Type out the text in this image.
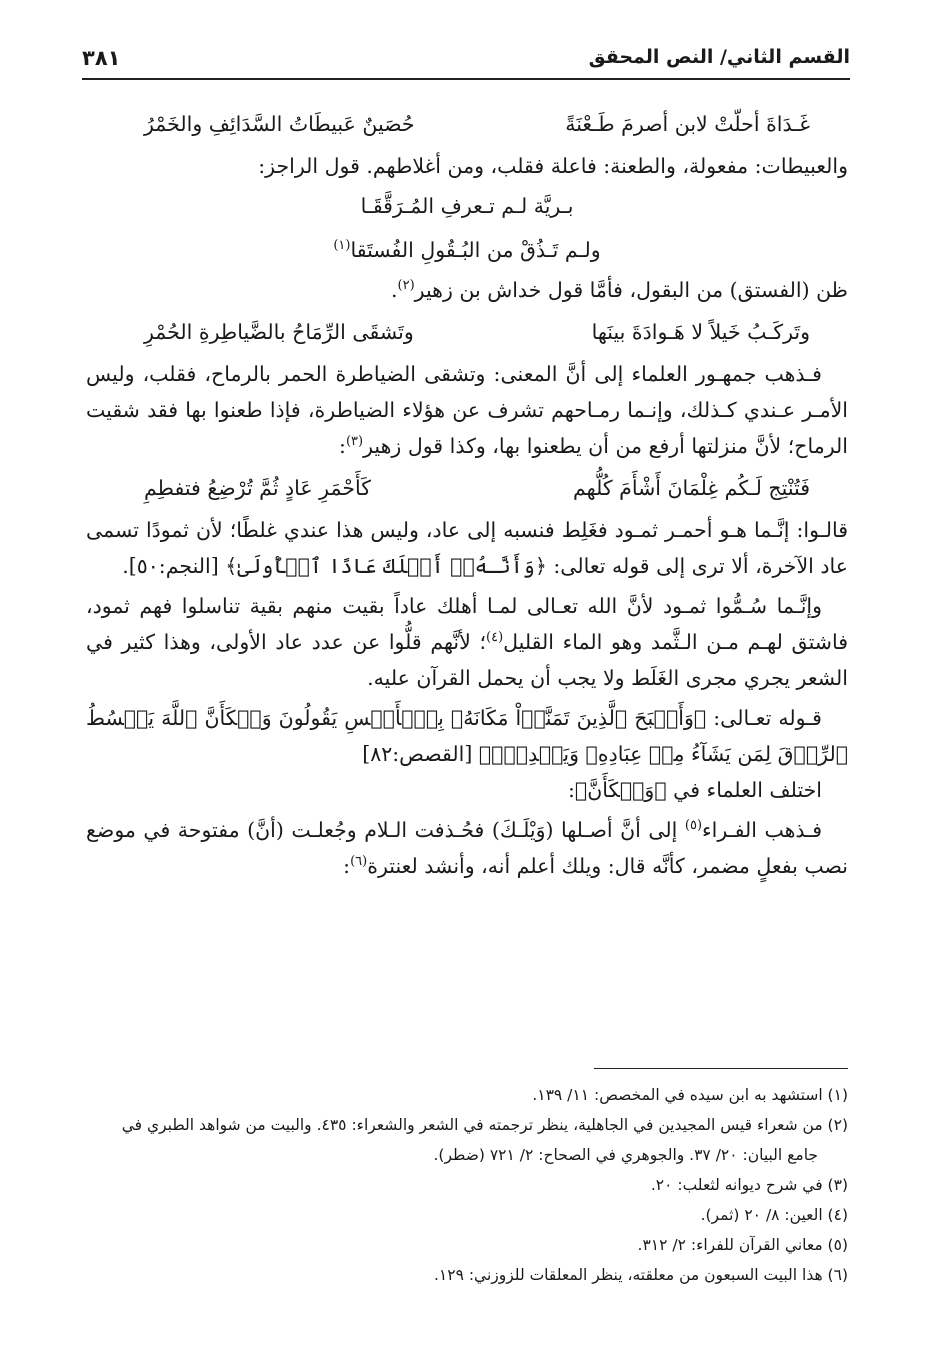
القسم الثاني/ النص المحقق
٣٨١
غَـدَاةَ أحلّتْ لابن أصرمَ طَـعْنَةً
حُصَينٌ عَبيطَاتُ السَّدَائِفِ والخَمْرُ

والعبيطات: مفعولة، والطعنة: فاعلة فقلب، ومن أغلاطهم. قول الراجز:

بـريَّة لـم تـعرفِ المُـرَقَّقَـا

ولـم تَـذُقْ من البُـقُولِ الفُستَقا$^{(١)}$

ظن (الفستق) من البقول، فأمَّا قول خداش بن زهير$^{(٢)}$.

وتَركَـبُ خَيلاً لا هَـوادَةَ بينَها
وتَشقَى الرِّمَاحُ بالضَّياطِرةِ الحُمْرِ

فـذهب جمهـور العلماء إلى أنَّ المعنى: وتشقى الضياطرة الحمر بالرماح، فقلب، وليس الأمـر عـندي كـذلك، وإنـما رمـاحهم تشرف عن هؤلاء الضياطرة، فإذا طعنوا بها فقد شقيت الرماح؛ لأنَّ منزلتها أرفع من أن يطعنوا بها، وكذا قول زهير$^{(٣)}$:

فَتُنْتِج لَـكُم غِلْمَانَ أَشْأَمَ كُلُّهم
كَأَحْمَرِ عَادٍ ثُمَّ تُرْضِعُ فتفطِمِ

قالـوا: إنَّـما هـو أحمـر ثمـود فغَلِط فنسبه إلى عاد، وليس هذا عندي غلطًا؛ لأن ثمودًا تسمى عاد الآخرة، ألا ترى إلى قوله تعالى: ﴿وَأَنَّـهُۥٓ أَهۡلَكَ عَادًا ٱلۡأُولَىٰ﴾ [النجم:٥٠].

وإنَّـما سُـمُّوا ثمـود لأنَّ الله تعـالى لمـا أهلك عاداً بقيت منهم بقية تناسلوا فهم ثمود، فاشتق لهـم مـن الـثَّمد وهو الماء القليل$^{(٤)}$؛ لأنَّهم قلُّوا عن عدد عاد الأولى، وهذا كثير في الشعر يجري مجرى الغَلَط ولا يجب أن يحمل القرآن عليه.

قـوله تعـالى: ﴿وَأَصۡبَحَ ٱلَّذِينَ تَمَنَّوۡاْ مَكَانَهُۥ بِٱلۡأَمۡسِ يَقُولُونَ وَيۡكَأَنَّ ٱللَّهَ يَبۡسُطُ ٱلرِّزۡقَ لِمَن يَشَآءُ مِنۡ عِبَادِهِۦ وَيَقۡدِرُۖ﴾ [القصص:٨٢]

اختلف العلماء في ﴿وَيۡكَأَنَّ﴾:

فـذهب الفـراء$^{(٥)}$ إلى أنَّ أصـلها (وَيْلَـكَ) فحُـذفت الـلام وجُعلـت (أنَّ) مفتوحة في موضع نصب بفعلٍ مضمر، كأنَّه قال: ويلك أعلم أنه، وأنشد لعنترة$^{(٦)}$:

(١) استشهد به ابن سيده في المخصص: ١١/ ١٣٩.

(٢) من شعراء قيس المجيدين في الجاهلية، ينظر ترجمته في الشعر والشعراء: ٤٣٥. والبيت من شواهد الطبري في

جامع البيان: ٢٠/ ٣٧. والجوهري في الصحاح: ٢/ ٧٢١ (ضطر).

(٣) في شرح ديوانه لثعلب: ٢٠.

(٤) العين: ٨/ ٢٠ (ثمر).

(٥) معاني القرآن للفراء: ٢/ ٣١٢.

(٦) هذا البيت السبعون من معلقته، ينظر المعلقات للزوزني: ١٢٩.
